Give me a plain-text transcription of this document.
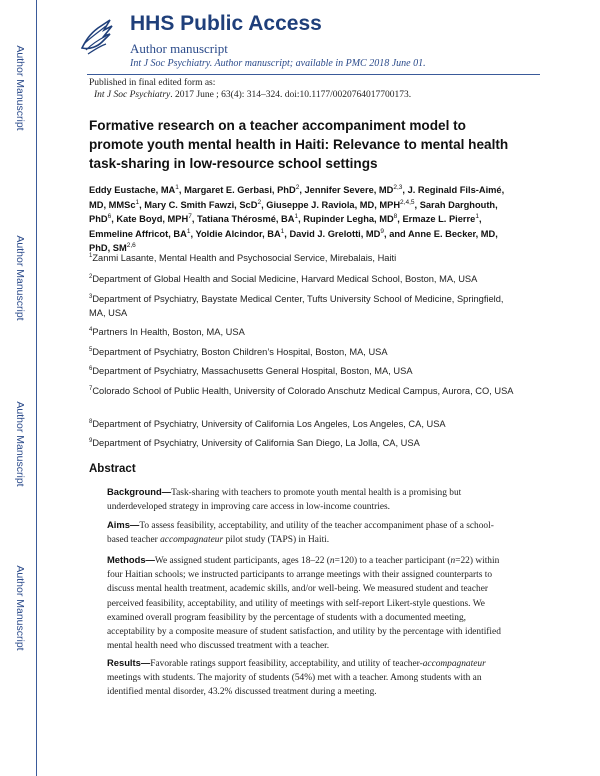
Author Manuscript
Author Manuscript
Author Manuscript
Author Manuscript
HHS Public Access
Author manuscript
Int J Soc Psychiatry. Author manuscript; available in PMC 2018 June 01.
Published in final edited form as:
Int J Soc Psychiatry. 2017 June ; 63(4): 314–324. doi:10.1177/0020764017700173.
Formative research on a teacher accompaniment model to promote youth mental health in Haiti: Relevance to mental health task-sharing in low-resource school settings
Eddy Eustache, $MA^1$, Margaret E. Gerbasi, PhD$^2$, Jennifer Severe, MD$^{2,3}$, J. Reginald Fils-Aimé, MD, MMSc$^1$, Mary C. Smith Fawzi, ScD$^2$, Giuseppe J. Raviola, MD, MPH$^{2,4,5}$, Sarah Darghouth, PhD$^6$, Kate Boyd, MPH$^7$, Tatiana Thérosmé, $BA^1$, Rupinder Legha, $MD^8$, Ermaze L. Pierre$^1$, Emmeline Affricot, $BA^1$, Yoldie Alcindor, $BA^1$, David J. Grelotti, $MD^9$, and Anne E. Becker, MD, PhD, SM$^{2,6}$
$^1$Zanmi Lasante, Mental Health and Psychosocial Service, Mirebalais, Haiti
$^2$Department of Global Health and Social Medicine, Harvard Medical School, Boston, MA, USA
$^3$Department of Psychiatry, Baystate Medical Center, Tufts University School of Medicine, Springfield, MA, USA
$^4$Partners In Health, Boston, MA, USA
$^5$Department of Psychiatry, Boston Children’s Hospital, Boston, MA, USA
$^6$Department of Psychiatry, Massachusetts General Hospital, Boston, MA, USA
$^7$Colorado School of Public Health, University of Colorado Anschutz Medical Campus, Aurora, CO, USA
$^8$Department of Psychiatry, University of California Los Angeles, Los Angeles, CA, USA
$^9$Department of Psychiatry, University of California San Diego, La Jolla, CA, USA
Abstract
Background—Task-sharing with teachers to promote youth mental health is a promising but underdeveloped strategy in improving care access in low-income countries.
Aims—To assess feasibility, acceptability, and utility of the teacher accompaniment phase of a school-based teacher accompagnateur pilot study (TAPS) in Haiti.
Methods—We assigned student participants, ages 18–22 (n=120) to a teacher participant (n=22) within four Haitian schools; we instructed participants to arrange meetings with their assigned counterparts to discuss mental health treatment, academic skills, and/or well-being. We measured student and teacher perceived feasibility, acceptability, and utility of meetings with self-report Likert-style questions. We examined overall program feasibility by the percentage of students with a documented meeting, acceptability by a composite measure of student satisfaction, and utility by the percentage with identified mental health need who discussed treatment with a teacher.
Results—Favorable ratings support feasibility, acceptability, and utility of teacher-accompagnateur meetings with students. The majority of students (54%) met with a teacher. Among students with an identified mental disorder, 43.2% discussed treatment during a meeting.
